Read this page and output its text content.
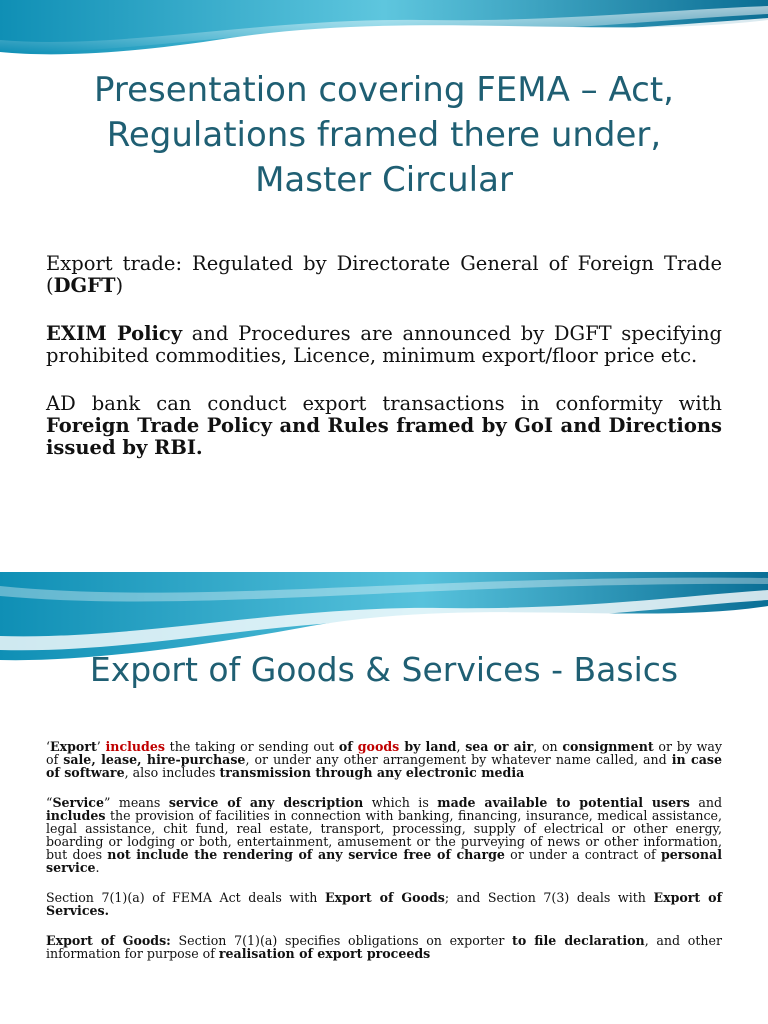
Presentation covering FEMA – Act,
Regulations framed there under,
Master Circular

Export trade: Regulated by Directorate General of Foreign Trade (DGFT)

EXIM Policy and Procedures are announced by DGFT specifying prohibited commodities, Licence, minimum export/floor price etc.

AD bank can conduct export transactions in conformity with Foreign Trade Policy and Rules framed by GoI and Directions issued by RBI.

Export of Goods & Services - Basics

‘Export’ includes the taking or sending out of goods by land, sea or air, on consignment or by way of sale, lease, hire-purchase, or under any other arrangement by whatever name called, and in case of software, also includes transmission through any electronic media

“Service” means service of any description which is made available to potential users and includes the provision of facilities in connection with banking, financing, insurance, medical assistance, legal assistance, chit fund, real estate, transport, processing, supply of electrical or other energy, boarding or lodging or both, entertainment, amusement or the purveying of news or other information, but does not include the rendering of any service free of charge or under a contract of personal service.

Section 7(1)(a) of FEMA Act deals with Export of Goods; and Section 7(3) deals with Export of Services.

Export of Goods: Section 7(1)(a) specifies obligations on exporter to file declaration, and other information for purpose of realisation of export proceeds
